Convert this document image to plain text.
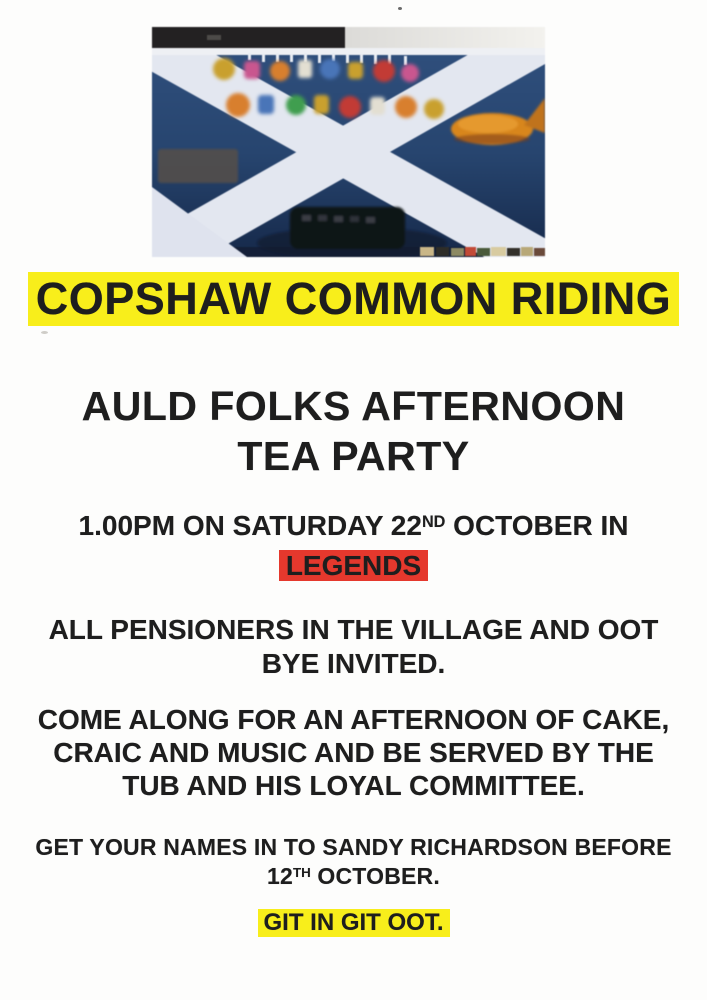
COPSHAW COMMON RIDING

AULD FOLKS AFTERNOON
TEA PARTY

1.00PM ON SATURDAY 22ND OCTOBER IN

LEGENDS

ALL PENSIONERS IN THE VILLAGE AND OOT
BYE INVITED.

COME ALONG FOR AN AFTERNOON OF CAKE,
CRAIC AND MUSIC AND BE SERVED BY THE
TUB AND HIS LOYAL COMMITTEE.

GET YOUR NAMES IN TO SANDY RICHARDSON BEFORE
12TH OCTOBER.

GIT IN GIT OOT.
